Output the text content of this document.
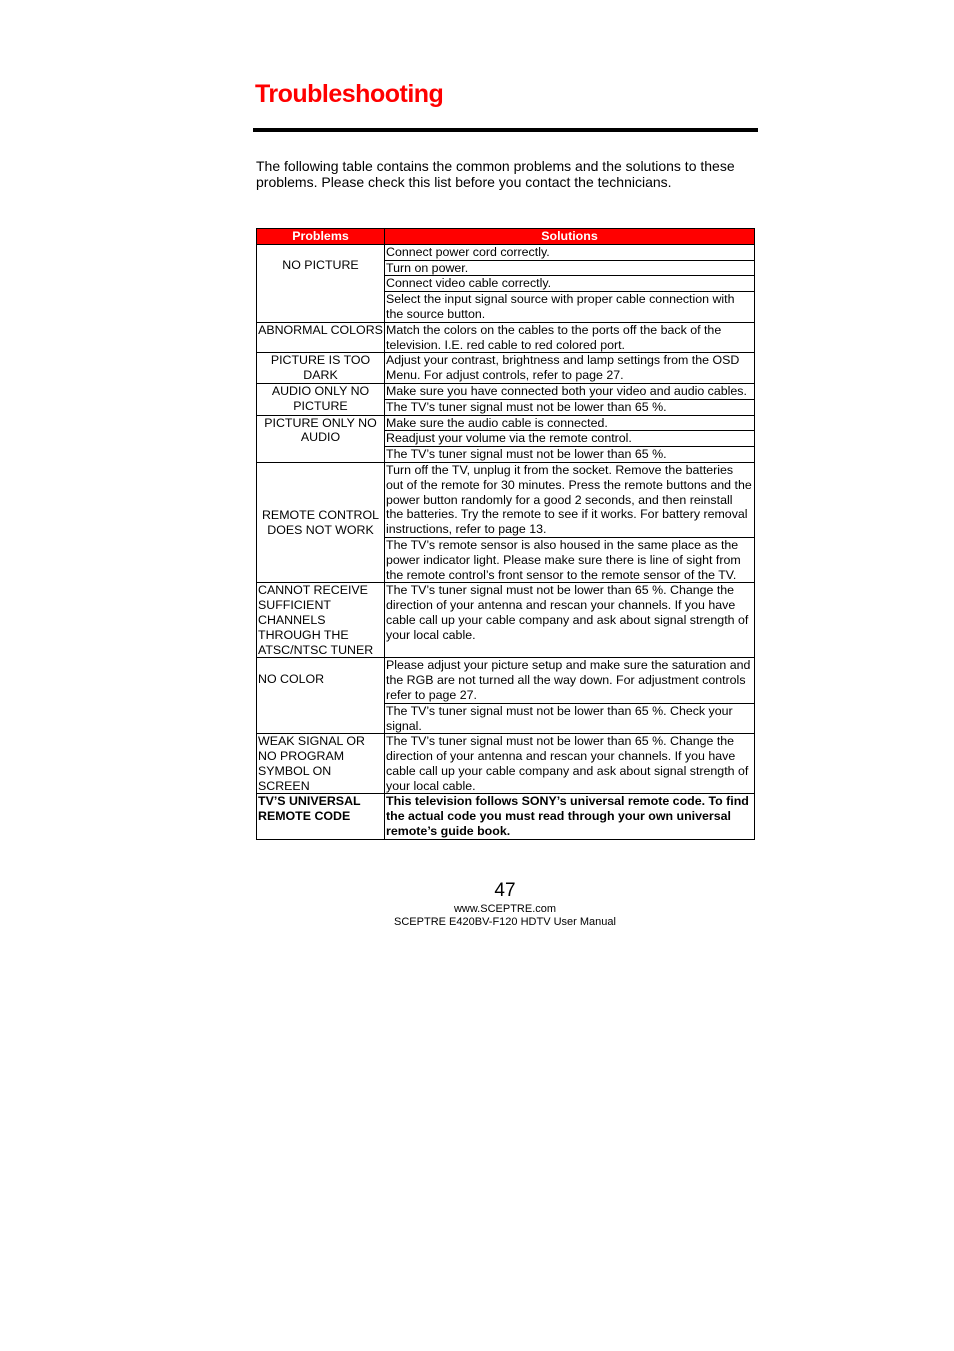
Troubleshooting

The following table contains the common problems and the solutions to these problems. Please check this list before you contact the technicians.

Problems	Solutions
NO PICTURE	Connect power cord correctly.
	Turn on power.
	Connect video cable correctly.
	Select the input signal source with proper cable connection with the source button.
ABNORMAL COLORS	Match the colors on the cables to the ports off the back of the television. I.E. red cable to red colored port.
PICTURE IS TOO DARK	Adjust your contrast, brightness and lamp settings from the OSD Menu. For adjust controls, refer to page 27.
AUDIO ONLY NO PICTURE	Make sure you have connected both your video and audio cables.
	The TV’s tuner signal must not be lower than 65 %.
PICTURE ONLY NO AUDIO	Make sure the audio cable is connected.
	Readjust your volume via the remote control.
	The TV’s tuner signal must not be lower than 65 %.
REMOTE CONTROL DOES NOT WORK	Turn off the TV, unplug it from the socket. Remove the batteries out of the remote for 30 minutes. Press the remote buttons and the power button randomly for a good 2 seconds, and then reinstall the batteries. Try the remote to see if it works. For battery removal instructions, refer to page 13.
	The TV’s remote sensor is also housed in the same place as the power indicator light. Please make sure there is line of sight from the remote control’s front sensor to the remote sensor of the TV.
CANNOT RECEIVE SUFFICIENT CHANNELS THROUGH THE ATSC/NTSC TUNER	The TV’s tuner signal must not be lower than 65 %. Change the direction of your antenna and rescan your channels. If you have cable call up your cable company and ask about signal strength of your local cable.
NO COLOR	Please adjust your picture setup and make sure the saturation and the RGB are not turned all the way down. For adjustment controls refer to page 27.
	The TV’s tuner signal must not be lower than 65 %. Check your signal.
WEAK SIGNAL OR NO PROGRAM SYMBOL ON SCREEN	The TV’s tuner signal must not be lower than 65 %. Change the direction of your antenna and rescan your channels. If you have cable call up your cable company and ask about signal strength of your local cable.
TV’S UNIVERSAL REMOTE CODE	This television follows SONY’s universal remote code. To find the actual code you must read through your own universal remote’s guide book.
47
www.SCEPTRE.com
SCEPTRE E420BV-F120 HDTV User Manual
